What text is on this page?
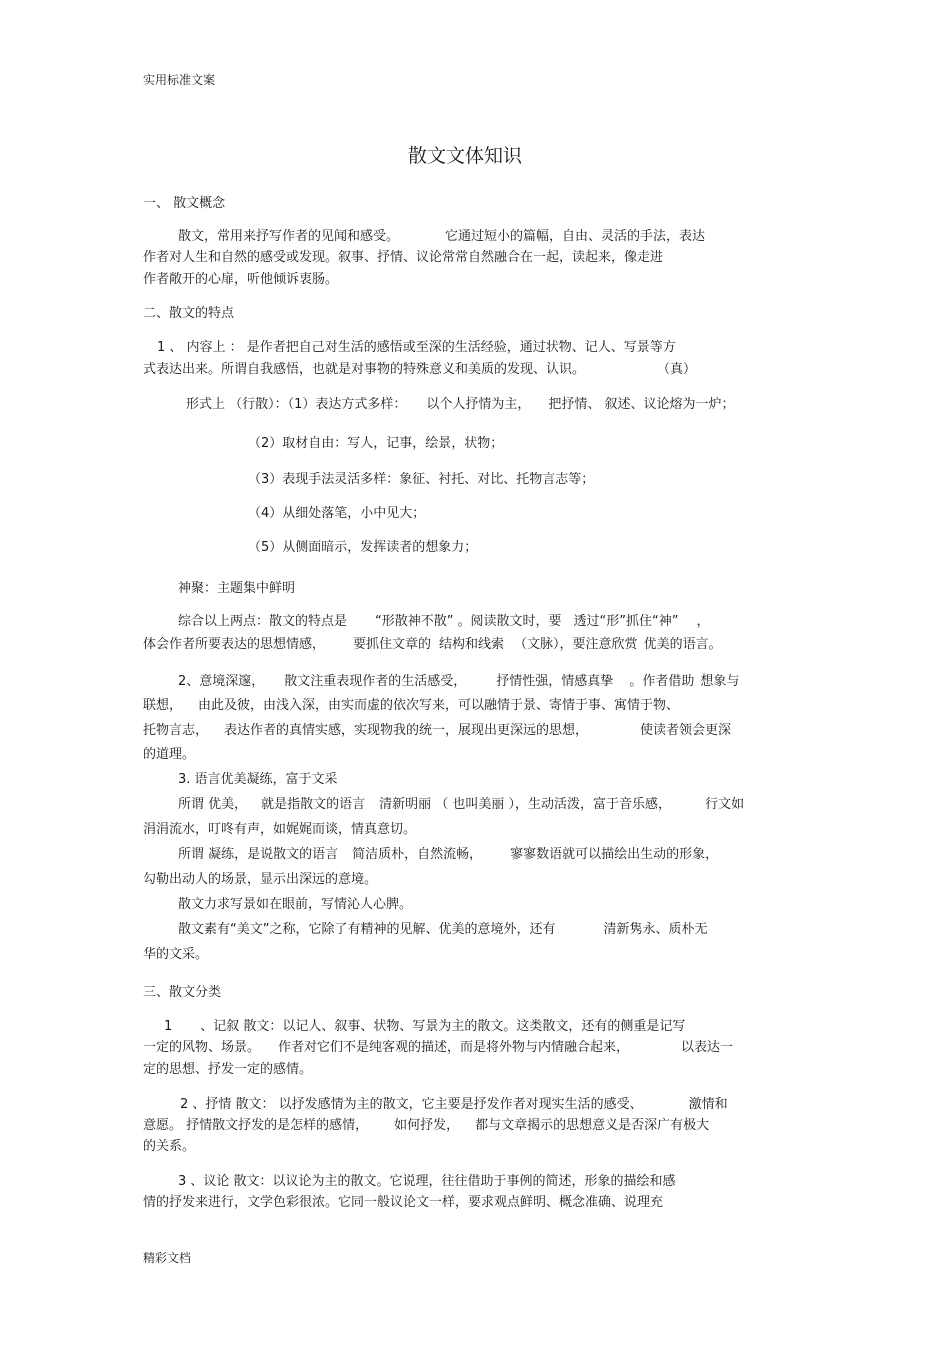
实用标准文案
散文文体知识
一、 散文概念
散文，常用来抒写作者的见闻和感受。	它通过短小的篇幅，自由、灵活的手法，表达
作者对人生和自然的感受或发现。叙事、抒情、议论常常自然融合在一起，读起来，像走进
作者敞开的心扉，听他倾诉衷肠。
二、散文的特点
1 、 内容上 ： 是作者把自己对生活的感悟或至深的生活经验，通过状物、记人、写景等方
式表达出来。所谓自我感悟，也就是对事物的特殊意义和美质的发现、认识。	（真）
形式上 （行散）：（1）表达方式多样： 以个人抒情为主， 把抒情、 叙述、议论熔为一炉；
（2）取材自由：写人，记事，绘景，状物；
（3）表现手法灵活多样：象征、衬托、对比、托物言志等；
（4）从细处落笔，小中见大；
（5）从侧面暗示，发挥读者的想象力；
神聚：主题集中鲜明
综合以上两点：散文的特点是 “形散神不散” 。阅读散文时，要 透过“形”抓住“神” ，
体会作者所要表达的思想情感， 要抓住文章的 结构和线索 （文脉），要注意欣赏 优美的语言。
2、意境深邃， 散文注重表现作者的生活感受， 抒情性强，情感真挚 。作者借助 想象与
联想， 由此及彼，由浅入深，由实而虚的依次写来，可以融情于景、寄情于事、寓情于物、
托物言志， 表达作者的真情实感，实现物我的统一，展现出更深远的思想，	使读者领会更深
的道理。
3. 语言优美凝练，富于文采
所谓 优美， 就是指散文的语言 清新明丽 （ 也叫美丽 ），生动活泼，富于音乐感，	行文如
涓涓流水，叮咚有声，如娓娓而谈，情真意切。
所谓 凝练，是说散文的语言 简洁质朴，自然流畅， 寥寥数语就可以描绘出生动的形象，
勾勒出动人的场景，显示出深远的意境。
散文力求写景如在眼前，写情沁人心脾。
散文素有“美文”之称，它除了有精神的见解、优美的意境外，还有	清新隽永、质朴无
华的文采。
三、散文分类
1 、记叙 散文：以记人、叙事、状物、写景为主的散文。这类散文，还有的侧重是记写
一定的风物、场景。 作者对它们不是纯客观的描述，而是将外物与内情融合起来，	以表达一
定的思想、抒发一定的感情。
2 、抒情 散文： 以抒发感情为主的散文，它主要是抒发作者对现实生活的感受、	激情和
意愿。 抒情散文抒发的是怎样的感情， 如何抒发， 都与文章揭示的思想意义是否深广有极大
的关系。
3 、议论 散文：以议论为主的散文。它说理，往往借助于事例的简述，形象的描绘和感
情的抒发来进行，文学色彩很浓。它同一般议论文一样，要求观点鲜明、概念准确、说理充
精彩文档
